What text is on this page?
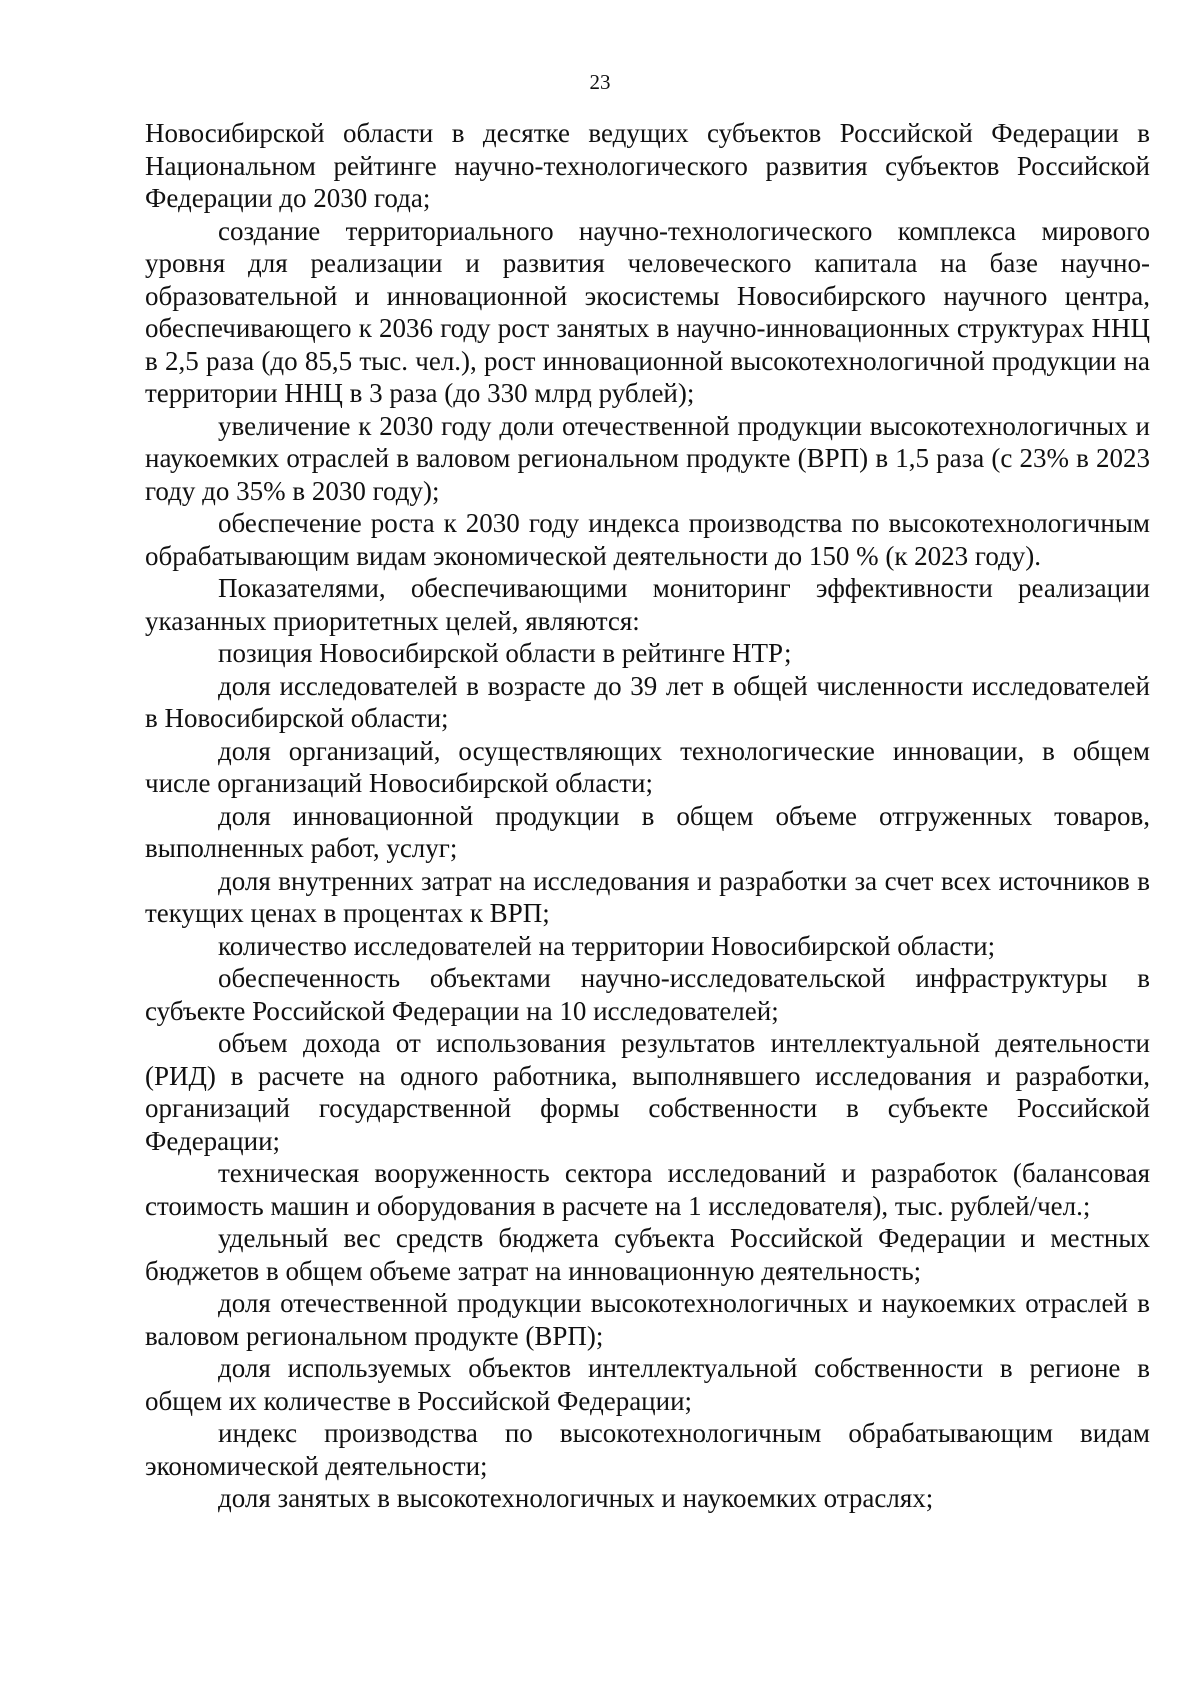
23

Новосибирской области в десятке ведущих субъектов Российской Федерации в Национальном рейтинге научно-технологического развития субъектов Российской Федерации до 2030 года;

создание территориального научно-технологического комплекса мирового уровня для реализации и развития человеческого капитала на базе научно-образовательной и инновационной экосистемы Новосибирского научного центра, обеспечивающего к 2036 году рост занятых в научно-инновационных структурах ННЦ в 2,5 раза (до 85,5 тыс. чел.), рост инновационной высокотехнологичной продукции на территории ННЦ в 3 раза (до 330 млрд рублей);

увеличение к 2030 году доли отечественной продукции высокотехнологичных и наукоемких отраслей в валовом региональном продукте (ВРП) в 1,5 раза (с 23% в 2023 году до 35% в 2030 году);

обеспечение роста к 2030 году индекса производства по высокотехнологичным обрабатывающим видам экономической деятельности до 150 % (к 2023 году).

Показателями, обеспечивающими мониторинг эффективности реализации указанных приоритетных целей, являются:

позиция Новосибирской области в рейтинге НТР;

доля исследователей в возрасте до 39 лет в общей численности исследователей в Новосибирской области;

доля организаций, осуществляющих технологические инновации, в общем числе организаций Новосибирской области;

доля инновационной продукции в общем объеме отгруженных товаров, выполненных работ, услуг;

доля внутренних затрат на исследования и разработки за счет всех источников в текущих ценах в процентах к ВРП;

количество исследователей на территории Новосибирской области;

обеспеченность объектами научно-исследовательской инфраструктуры в субъекте Российской Федерации на 10 исследователей;

объем дохода от использования результатов интеллектуальной деятельности (РИД) в расчете на одного работника, выполнявшего исследования и разработки, организаций государственной формы собственности в субъекте Российской Федерации;

техническая вооруженность сектора исследований и разработок (балансовая стоимость машин и оборудования в расчете на 1 исследователя), тыс. рублей/чел.;

удельный вес средств бюджета субъекта Российской Федерации и местных бюджетов в общем объеме затрат на инновационную деятельность;

доля отечественной продукции высокотехнологичных и наукоемких отраслей в валовом региональном продукте (ВРП);

доля используемых объектов интеллектуальной собственности в регионе в общем их количестве в Российской Федерации;

индекс производства по высокотехнологичным обрабатывающим видам экономической деятельности;

доля занятых в высокотехнологичных и наукоемких отраслях;
